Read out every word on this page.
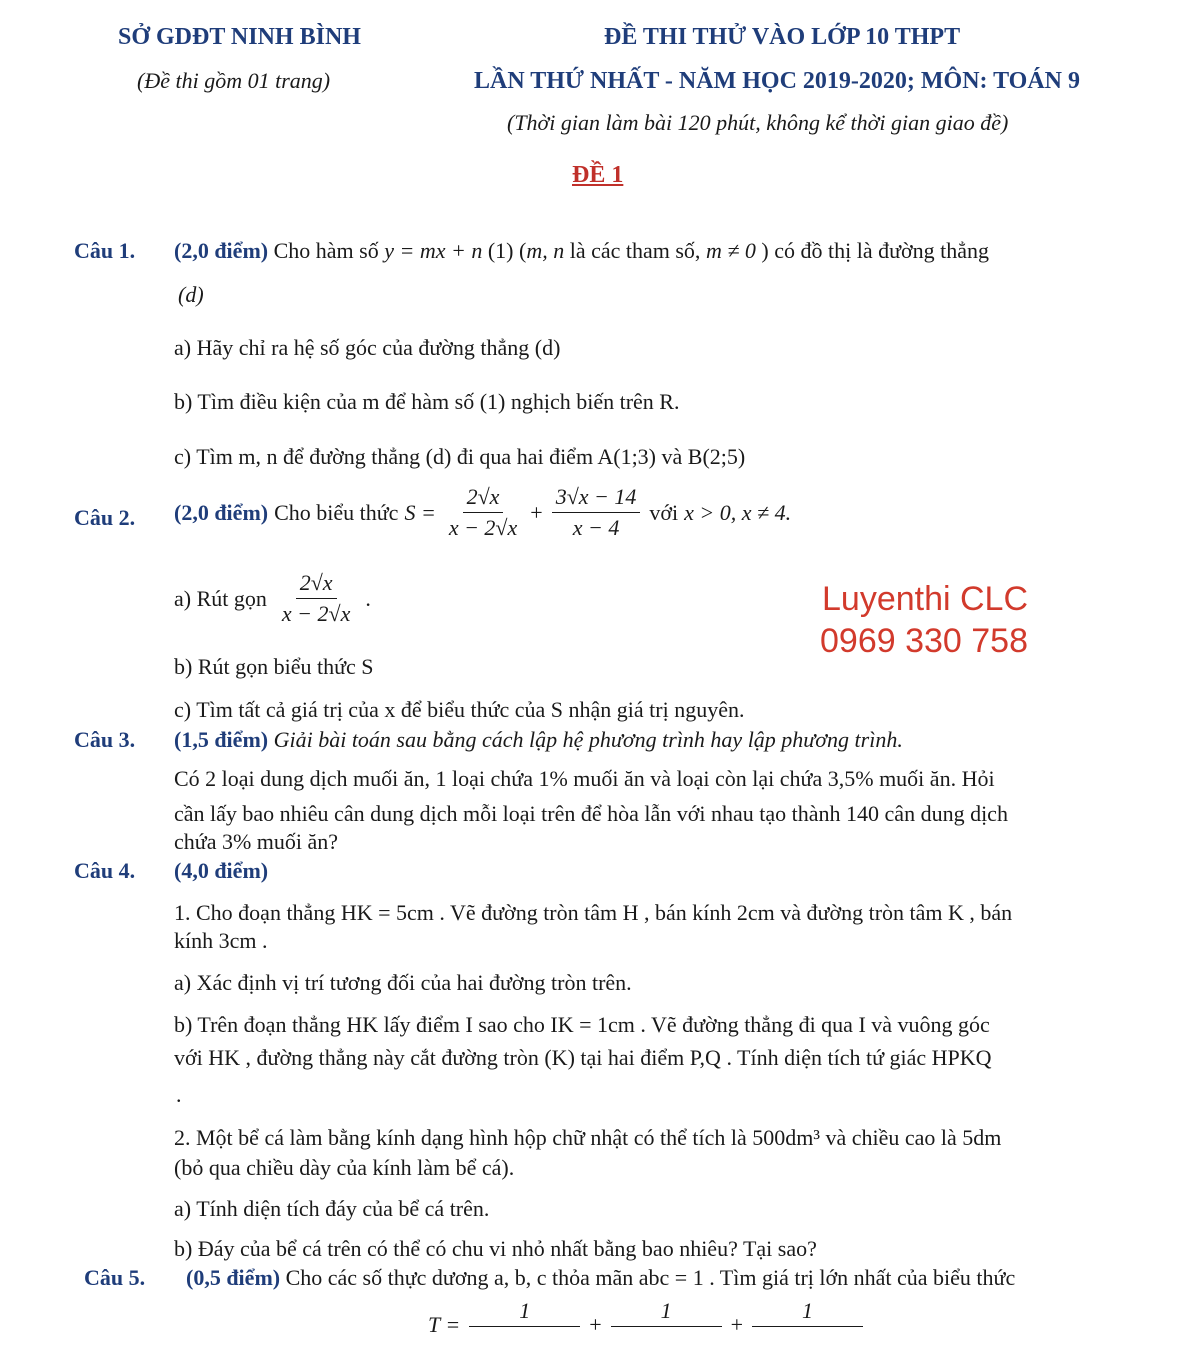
SỞ GDĐT NINH BÌNH
(Đề thi gồm 01 trang)
ĐỀ THI THỬ VÀO LỚP 10 THPT
LẦN THỨ NHẤT - NĂM HỌC 2019-2020; MÔN: TOÁN 9
(Thời gian làm bài 120 phút, không kể thời gian giao đề)
ĐỀ 1
Luyenthi CLC
0969 330 758
Câu 1. (2,0 điểm) Cho hàm số y = mx + n (1) (m, n là các tham số, m ≠ 0 ) có đồ thị là đường thẳng
(d)
a) Hãy chỉ ra hệ số góc của đường thẳng (d)
b) Tìm điều kiện của m để hàm số (1) nghịch biến trên R.
c) Tìm m, n để đường thẳng (d) đi qua hai điểm A(1;3) và B(2;5)
Câu 2. (2,0 điểm) Cho biểu thức $S = \frac{2√x}{x - 2√x} + \frac{3√x - 14}{x - 4}$ với x > 0, x ≠ 4.
a) Rút gọn $\frac{2√x}{x - 2√x}$ .
b) Rút gọn biểu thức S
c) Tìm tất cả giá trị của x để biểu thức của S nhận giá trị nguyên.
Câu 3. (1,5 điểm) Giải bài toán sau bằng cách lập hệ phương trình hay lập phương trình.
Có 2 loại dung dịch muối ăn, 1 loại chứa 1% muối ăn và loại còn lại chứa 3,5% muối ăn. Hỏi
cần lấy bao nhiêu cân dung dịch mỗi loại trên để hòa lẫn với nhau tạo thành 140 cân dung dịch
chứa 3% muối ăn?
Câu 4. (4,0 điểm)
1. Cho đoạn thẳng HK = 5cm . Vẽ đường tròn tâm H , bán kính 2cm và đường tròn tâm K , bán
kính 3cm .
a) Xác định vị trí tương đối của hai đường tròn trên.
b) Trên đoạn thẳng HK lấy điểm I sao cho IK = 1cm . Vẽ đường thẳng đi qua I và vuông góc
với HK , đường thẳng này cắt đường tròn (K) tại hai điểm P,Q . Tính diện tích tứ giác HPKQ
.
2. Một bể cá làm bằng kính dạng hình hộp chữ nhật có thể tích là 500dm³ và chiều cao là 5dm
(bỏ qua chiều dày của kính làm bể cá).
a) Tính diện tích đáy của bể cá trên.
b) Đáy của bể cá trên có thể có chu vi nhỏ nhất bằng bao nhiêu? Tại sao?
Câu 5. (0,5 điểm) Cho các số thực dương a, b, c thỏa mãn abc = 1 . Tìm giá trị lớn nhất của biểu thức
T =
1

+
1

+
1
